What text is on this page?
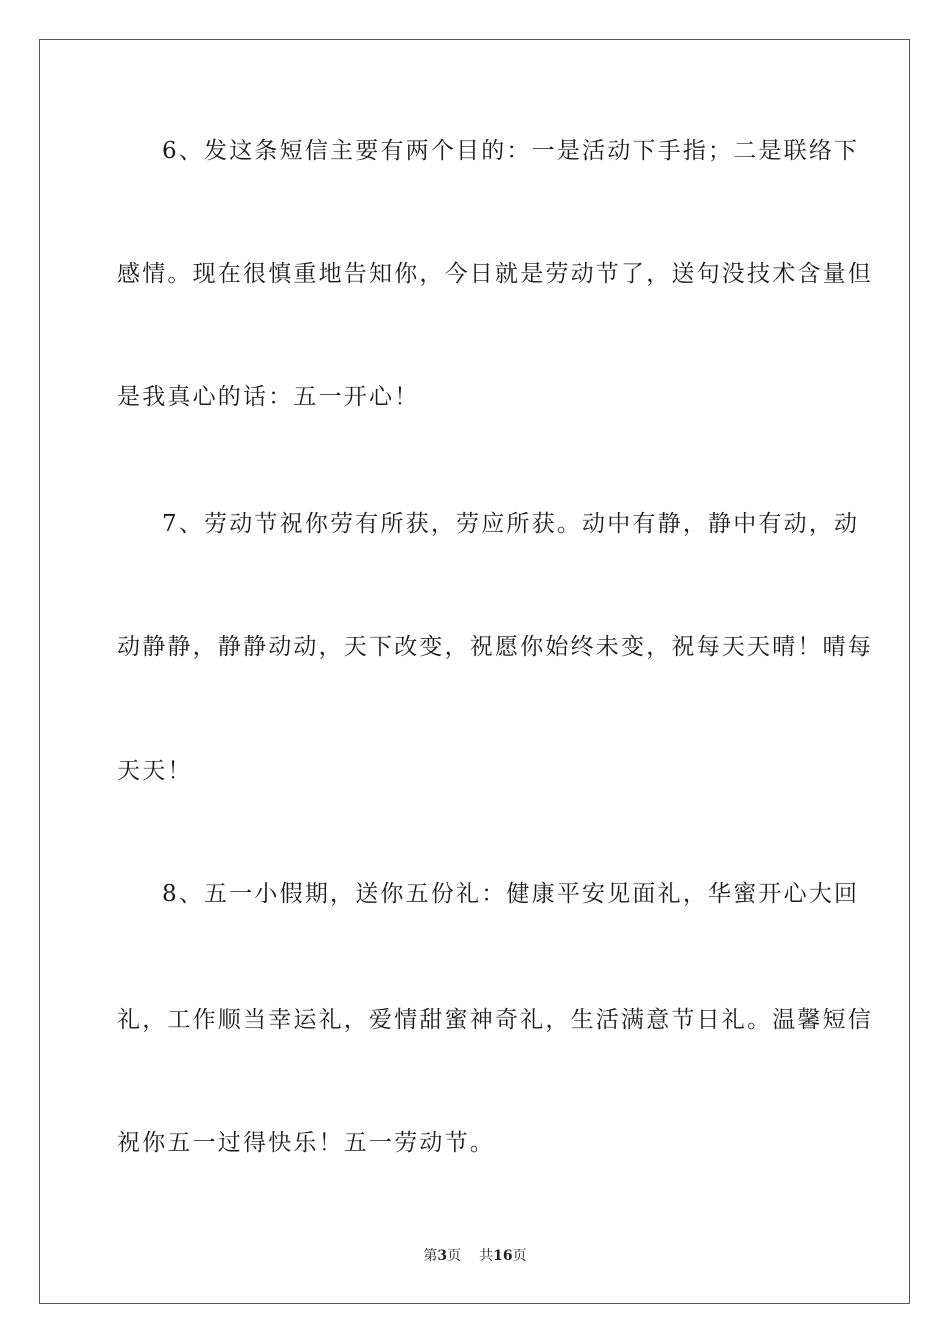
6、发这条短信主要有两个目的：一是活动下手指；二是联络下
感情。现在很慎重地告知你，今日就是劳动节了，送句没技术含量但
是我真心的话：五一开心！
7、劳动节祝你劳有所获，劳应所获。动中有静，静中有动，动
动静静，静静动动，天下改变，祝愿你始终未变，祝每天天晴！晴每
天天！
8、五一小假期，送你五份礼：健康平安见面礼，华蜜开心大回
礼，工作顺当幸运礼，爱情甜蜜神奇礼，生活满意节日礼。温馨短信
祝你五一过得快乐！五一劳动节。
第3页 共16页
